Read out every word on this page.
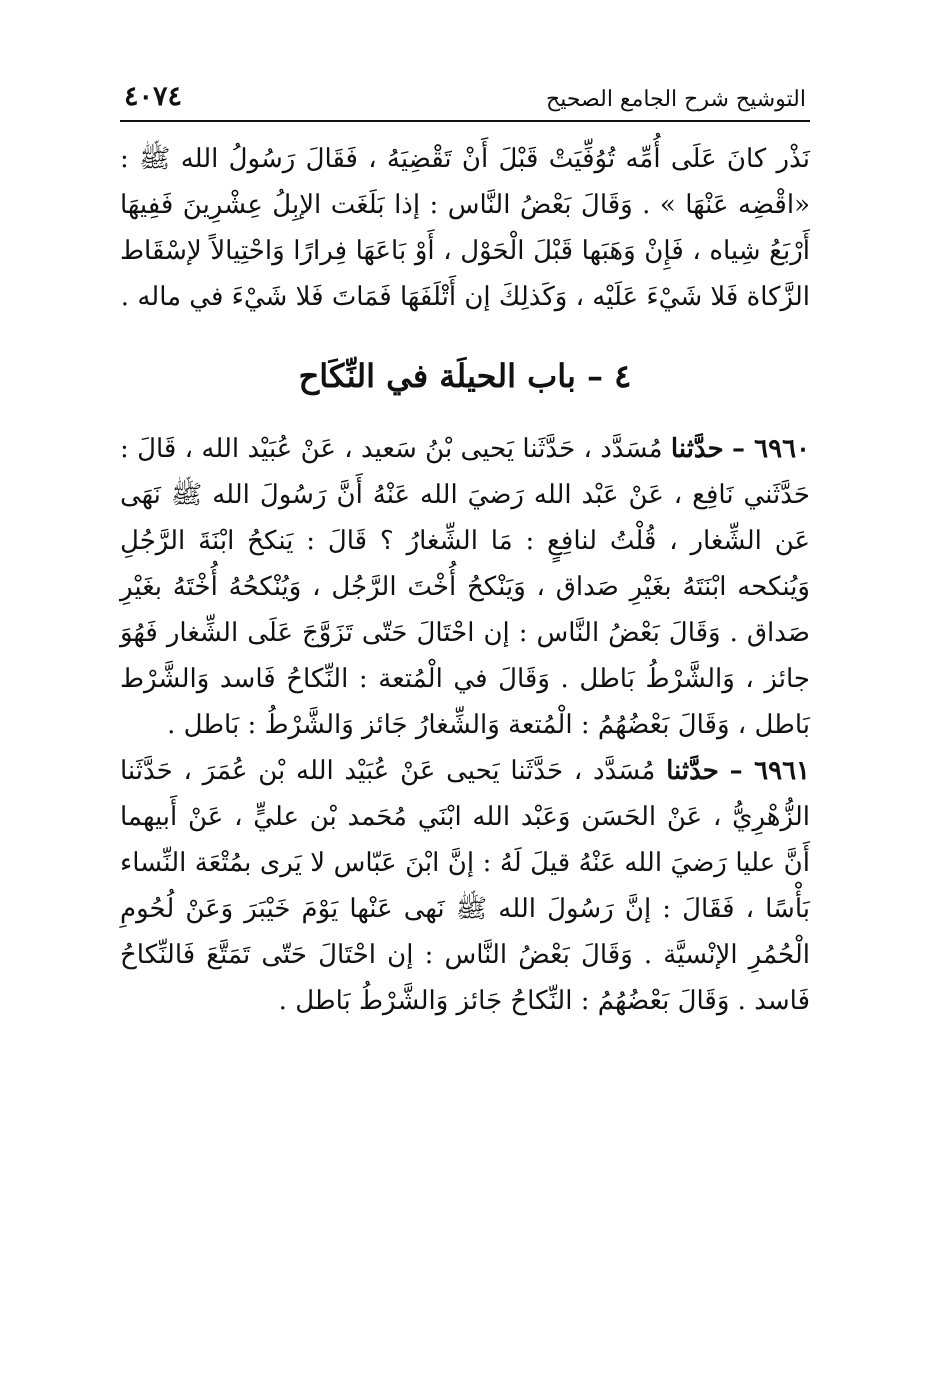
التوشيح شرح الجامع الصحيح
٤٠٧٤

نَذْر كانَ عَلَى أُمِّه تُوُفِّيَتْ قَبْلَ أَنْ تَقْضِيَهُ ، فَقَالَ رَسُولُ الله ﷺ : «اقْضِه عَنْهَا » . وَقَالَ بَعْضُ النَّاس : إذا بَلَغَت الإبِلُ عِشْرِينَ فَفِيهَا أَرْبَعُ شِياه ، فَإِنْ وَهَبَها قَبْلَ الْحَوْل ، أَوْ بَاعَهَا فِرارًا وَاحْتِيالاً لإسْقَاط الزَّكاة فَلا شَيْءَ عَلَيْه ، وَكَذلِكَ إن أَتْلَفَهَا فَمَاتَ فَلا شَيْءَ في ماله .

٤ – باب الحيلَة في النِّكَاح

٦٩٦٠ – حدَّثنا مُسَدَّد ، حَدَّثَنا يَحيى بْنُ سَعيد ، عَنْ عُبَيْد الله ، قَالَ : حَدَّثَني نَافِع ، عَنْ عَبْد الله رَضيَ الله عَنْهُ أَنَّ رَسُولَ الله ﷺ نَهَى عَن الشِّغار ، قُلْتُ لنافِعٍ : مَا الشِّغارُ ؟ قَالَ : يَنكحُ ابْنَةَ الرَّجُلِ وَيُنكحه ابْنَتَهُ بغَيْرِ صَداق ، وَيَنْكحُ أُخْتَ الرَّجُل ، وَيُنْكحُهُ أُخْتَهُ بغَيْرِ صَداق . وَقَالَ بَعْضُ النَّاس : إن احْتَالَ حَتّى تَزَوَّجَ عَلَى الشِّغار فَهُوَ جائز ، وَالشَّرْطُ بَاطل . وَقَالَ في الْمُتعة : النِّكاحُ فَاسد وَالشَّرْط بَاطل ، وَقَالَ بَعْضُهُمُ : الْمُتعة وَالشِّغارُ جَائز وَالشَّرْطُ : بَاطل .

٦٩٦١ – حدَّثنا مُسَدَّد ، حَدَّثَنا يَحيى عَنْ عُبَيْد الله بْن عُمَرَ ، حَدَّثَنا الزُّهْرِيُّ ، عَنْ الحَسَن وَعَبْد الله ابْنَي مُحَمد بْن عليٍّ ، عَنْ أَبيهما أَنَّ عليا رَضيَ الله عَنْهُ قيلَ لَهُ : إنَّ ابْنَ عَبّاس لا يَرى بمُتْعَة النِّساء بَأْسًا ، فَقَالَ : إنَّ رَسُولَ الله ﷺ نَهى عَنْها يَوْمَ خَيْبَرَ وَعَنْ لُحُومِ الْحُمُرِ الإنْسيَّة . وَقَالَ بَعْضُ النَّاس : إن احْتَالَ حَتّى تَمَتَّعَ فَالنِّكاحُ فَاسد . وَقَالَ بَعْضُهُمُ : النِّكاحُ جَائز وَالشَّرْطُ بَاطل .
